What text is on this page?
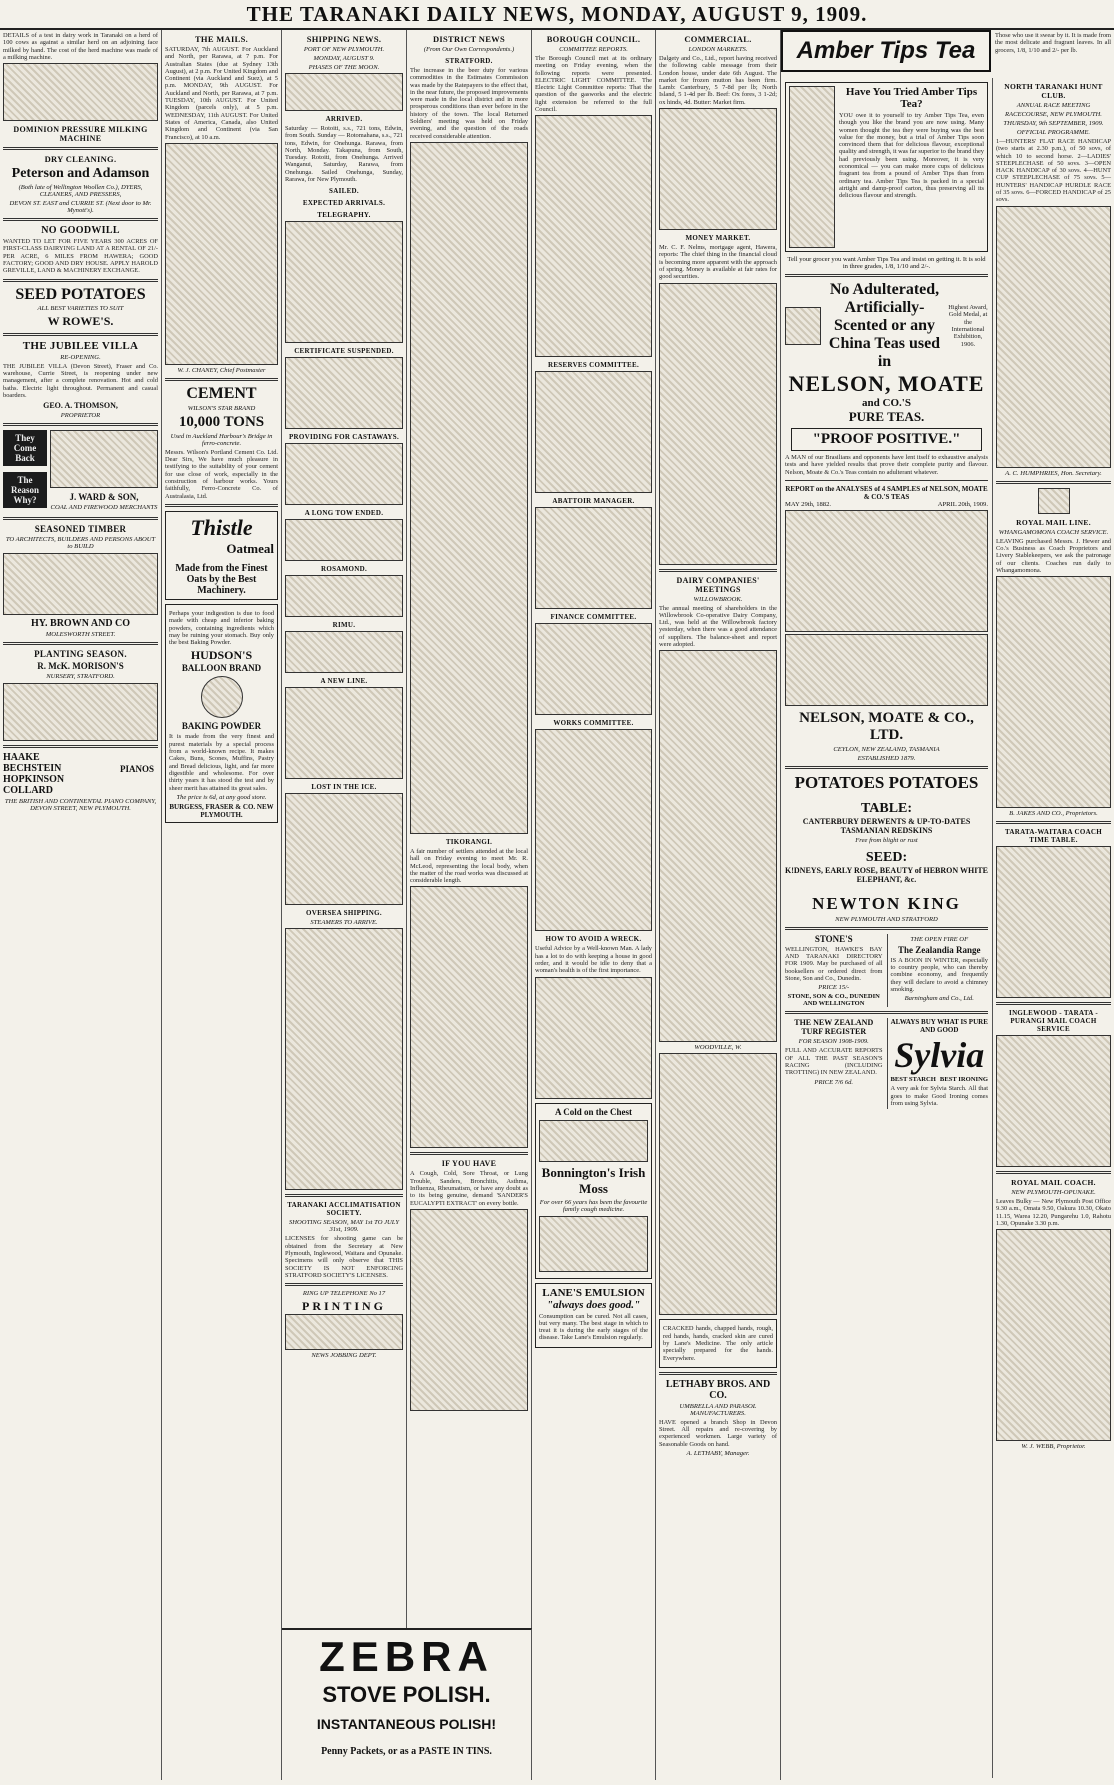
THE TARANAKI DAILY NEWS, MONDAY, AUGUST 9, 1909.
DETAILS of a test in dairy work in Taranaki on a herd of 100 cows as against a similar herd on an adjoining face milked by hand. The cost of the herd machine was made of a milking machine.
DOMINION PRESSURE MILKING MACHINE
DRY CLEANING.
Peterson and Adamson
(Both late of Wellington Woollen Co.), DYERS, CLEANERS, AND PRESSERS,
DEVON ST. EAST and CURRIE ST. (Next door to Mr. Mynott's).
NO GOODWILL
WANTED TO LET FOR FIVE YEARS 300 ACRES OF FIRST-CLASS DAIRYING LAND AT A RENTAL OF 21/- PER ACRE, 6 MILES FROM HAWERA; GOOD FACTORY; GOOD AND DRY HOUSE. APPLY HAROLD GREVILLE, LAND & MACHINERY EXCHANGE.
SEED POTATOES
ALL BEST VARIETIES TO SUIT
W ROWE'S.
THE JUBILEE VILLA
RE-OPENING.
THE JUBILEE VILLA (Devon Street), Fraser and Co. warehouse, Currie Street, is reopening under new management, after a complete renovation. Hot and cold baths. Electric light throughout. Permanent and casual boarders.
GEO. A. THOMSON,
PROPRIETOR
They Come Back
The Reason Why?	J. WARD & SON,
COAL AND FIREWOOD MERCHANTS
SEASONED TIMBER
TO ARCHITECTS, BUILDERS AND PERSONS ABOUT to BUILD
HY. BROWN AND CO
MOLESWORTH STREET.
PLANTING SEASON.
R. McK. MORISON'S
NURSERY, STRATFORD.
HAAKE
BECHSTEIN
HOPKINSON
COLLARD
PIANOS
THE BRITISH AND CONTINENTAL PIANO COMPANY, DEVON STREET, NEW PLYMOUTH.
THE MAILS.
SATURDAY, 7th AUGUST. For Auckland and North, per Rarawa, at 7 p.m. For Australian States (due at Sydney 13th August), at 2 p.m. For United Kingdom and Continent (via Auckland and Suez), at 5 p.m. MONDAY, 9th AUGUST. For Auckland and North, per Rarawa, at 7 p.m. TUESDAY, 10th AUGUST. For United Kingdom (parcels only), at 5 p.m. WEDNESDAY, 11th AUGUST. For United States of America, Canada, also United Kingdom and Continent (via San Francisco), at 10 a.m.
W. J. CHANEY, Chief Postmaster
CEMENT
WILSON'S STAR BRAND
10,000 TONS
Used in Auckland Harbour's Bridge in ferro-concrete.
Messrs. Wilson's Portland Cement Co. Ltd. Dear Sirs, We have much pleasure in testifying to the suitability of your cement for use close of work, especially in the construction of harbour works. Yours faithfully, Ferro-Concrete Co. of Australasia, Ltd.
Thistle
Oatmeal
Made from the Finest Oats by the Best Machinery.
Perhaps your indigestion is due to food made with cheap and inferior baking powders, containing ingredients which may be ruining your stomach. Buy only the best Baking Powder.
HUDSON'S
BALLOON BRAND
BAKING POWDER
It is made from the very finest and purest materials by a special process from a world-known recipe. It makes Cakes, Buns, Scones, Muffins, Pastry and Bread delicious, light, and far more digestible and wholesome. For over thirty years it has stood the test and by sheer merit has attained its great sales.
The price is 6d, at any good store.
BURGESS, FRASER & CO. NEW PLYMOUTH.
SHIPPING NEWS.
PORT OF NEW PLYMOUTH.
MONDAY, AUGUST 9.
PHASES OF THE MOON.
ARRIVED.
Saturday — Rotoiti, s.s., 721 tons, Edwin, from South. Sunday — Rotomahana, s.s., 721 tons, Edwin, for Onehunga. Rarawa, from North, Monday. Takapuna, from South, Tuesday. Rotoiti, from Onehunga. Arrived Wanganui, Saturday, Rarawa, from Onehunga. Sailed Onehunga, Sunday, Rarawa, for New Plymouth.
SAILED.
EXPECTED ARRIVALS.
TELEGRAPHY.
CERTIFICATE SUSPENDED.
PROVIDING FOR CASTAWAYS.
A LONG TOW ENDED.
ROSAMOND.
RIMU.
A NEW LINE.
LOST IN THE ICE.
OVERSEA SHIPPING.
STEAMERS TO ARRIVE.
TARANAKI ACCLIMATISATION SOCIETY.
SHOOTING SEASON, MAY 1st TO JULY 31st, 1909.
LICENSES for shooting game can be obtained from the Secretary at New Plymouth, Inglewood, Waitara and Opunake. Specimens will only observe that THIS SOCIETY IS NOT ENFORCING STRATFORD SOCIETY'S LICENSES.
RING UP TELEPHONE No 17
PRINTING
NEWS JOBBING DEPT.
DISTRICT NEWS
(From Our Own Correspondents.)
STRATFORD.
The increase in the beer duty for various commodities in the Estimates Commission was made by the Ratepayers to the effect that, in the near future, the proposed improvements were made in the local district and in more prosperous conditions than ever before in the history of the town. The local Returned Soldiers' meeting was held on Friday evening, and the question of the roads received considerable attention.
TIKORANGI.
A fair number of settlers attended at the local hall on Friday evening to meet Mr. R. McLeod, representing the local body, when the matter of the road works was discussed at considerable length.
IF YOU HAVE
A Cough, Cold, Sore Throat, or Lung Trouble, Sanders, Bronchitis, Asthma, Influenza, Rheumatism, or have any doubt as to its being genuine, demand 'SANDER'S EUCALYPTI EXTRACT' on every bottle.
BOROUGH COUNCIL.
COMMITTEE REPORTS.
The Borough Council met at its ordinary meeting on Friday evening, when the following reports were presented. ELECTRIC LIGHT COMMITTEE. The Electric Light Committee reports: That the question of the gasworks and the electric light extension be referred to the full Council.
RESERVES COMMITTEE.
ABATTOIR MANAGER.
FINANCE COMMITTEE.
WORKS COMMITTEE.
HOW TO AVOID A WRECK.
Useful Advice by a Well-known Man. A lady has a lot to do with keeping a house in good order, and it would be idle to deny that a woman's health is of the first importance.
A Cold on the Chest
Bonnington's Irish Moss
For over 66 years has been the favourite family cough medicine.
LANE'S EMULSION
"always does good."
Consumption can be cured. Not all cases, but very many. The best stage in which to treat it is during the early stages of the disease. Take Lane's Emulsion regularly.
COMMERCIAL.
LONDON MARKETS.
Dalgety and Co., Ltd., report having received the following cable message from their London house, under date 6th August. The market for frozen mutton has been firm. Lamb: Canterbury, 5 7-8d per lb; North Island, 5 1-4d per lb. Beef: Ox fores, 3 1-2d; ox hinds, 4d. Butter: Market firm.
MONEY MARKET.
Mr. C. F. Nelms, mortgage agent, Hawera, reports: The chief thing in the financial cloud is becoming more apparent with the approach of spring. Money is available at fair rates for good securities.
DAIRY COMPANIES' MEETINGS
WILLOWBROOK.
The annual meeting of shareholders in the Willowbrook Co-operative Dairy Company, Ltd., was held at the Willowbrook factory yesterday, when there was a good attendance of suppliers. The balance-sheet and report were adopted.
WOODVILLE, W.
CRACKED hands, chapped hands, rough, red hands, hands, cracked skin are cured by Lane's Medicine. The only article specially prepared for the hands. Everywhere.
LETHABY BROS. AND CO.
UMBRELLA AND PARASOL MANUFACTURERS.
HAVE opened a branch Shop in Devon Street. All repairs and re-covering by experienced workmen. Large variety of Seasonable Goods on hand.
A. LETHABY, Manager.
Amber Tips Tea
Those who use it swear by it. It is made from the most delicate and fragrant leaves. In all grocers, 1/8, 1/10 and 2/- per lb.
Have You Tried Amber Tips Tea?
YOU owe it to yourself to try Amber Tips Tea, even though you like the brand you are now using. Many women thought the tea they were buying was the best value for the money, but a trial of Amber Tips soon convinced them that for delicious flavour, exceptional quality and strength, it was far superior to the brand they had previously been using. Moreover, it is very economical — you can make more cups of delicious fragrant tea from a pound of Amber Tips than from ordinary tea. Amber Tips Tea is packed in a special airtight and damp-proof carton, thus preserving all its delicious flavour and strength.
Tell your grocer you want Amber Tips Tea and insist on getting it. It is sold in three grades, 1/8, 1/10 and 2/-.
No Adulterated, Artificially-Scented or any China Teas used in
Highest Award, Gold Medal, at the International Exhibition, 1906.
NELSON, MOATE
and CO.'S
PURE TEAS.
"PROOF POSITIVE."
A MAN of our Brasilians and opponents have lent itself to exhaustive analysis tests and have yielded results that prove their complete purity and flavour. Nelson, Moate & Co.'s Teas contain no adulterant whatever.
REPORT on the ANALYSES of 4 SAMPLES of NELSON, MOATE & CO.'S TEAS
MAY 29th, 1882.	APRIL 20th, 1909.
NELSON, MOATE & CO., LTD.
CEYLON, NEW ZEALAND, TASMANIA
ESTABLISHED 1879.
POTATOES POTATOES
TABLE:
CANTERBURY DERWENTS & UP-TO-DATES TASMANIAN REDSKINS
Free from blight or rust
SEED:
K!DNEYS, EARLY ROSE, BEAUTY of HEBRON WHITE ELEPHANT, &c.
NEWTON KING
NEW PLYMOUTH AND STRATFORD
STONE'S
WELLINGTON, HAWKE'S BAY AND TARANAKI DIRECTORY FOR 1909. May be purchased of all booksellers or ordered direct from Stone, Son and Co., Dunedin.
PRICE 15/-
STONE, SON & CO., DUNEDIN AND WELLINGTON
THE OPEN FIRE OF
The Zealandia Range
IS A BOON IN WINTER, especially to country people, who can thereby combine economy, and frequently they will declare to avoid a chimney smoking.
Barningham and Co., Ltd.
THE NEW ZEALAND TURF REGISTER
FOR SEASON 1908-1909.
FULL AND ACCURATE REPORTS OF ALL THE PAST SEASON'S RACING (INCLUDING TROTTING) IN NEW ZEALAND.
PRICE 7/6 6d.
ALWAYS BUY WHAT IS PURE AND GOOD
Sylvia
BEST STARCH BEST IRONING
A very ask for Sylvia Starch. All that goes to make Good Ironing comes from using Sylvia.
NORTH TARANAKI HUNT CLUB.
ANNUAL RACE MEETING
RACECOURSE, NEW PLYMOUTH.
THURSDAY, 9th SEPTEMBER, 1909.
OFFICIAL PROGRAMME.
1—HUNTERS' FLAT RACE HANDICAP (two starts at 2.30 p.m.), of 50 sovs, of which 10 to second horse. 2—LADIES' STEEPLECHASE of 50 sovs. 3—OPEN HACK HANDICAP of 30 sovs. 4—HUNT CUP STEEPLECHASE of 75 sovs. 5—HUNTERS' HANDICAP HURDLE RACE of 35 sovs. 6—FORCED HANDICAP of 25 sovs.
A. C. HUMPHRIES, Hon. Secretary.
ROYAL MAIL LINE.
WHANGAMOMONA COACH SERVICE.
LEAVING purchased Messrs. J. Hewer and Co.'s Business as Coach Proprietors and Livery Stablekeepers, we ask the patronage of our clients. Coaches run daily to Whangamomona.
B. JAKES AND CO., Proprietors.
TARATA-WAITARA COACH TIME TABLE.
INGLEWOOD - TARATA - PURANGI MAIL COACH SERVICE
ROYAL MAIL COACH.
NEW PLYMOUTH-OPUNAKE.
Leaves Bulky — New Plymouth Post Office 9.30 a.m., Omata 9.50, Oakura 10.30, Okato 11.15, Warea 12.20, Pungarehu 1.0, Rahotu 1.30, Opunake 3.30 p.m.
W. J. WEBB, Proprietor.
ZEBRA
STOVE POLISH.
INSTANTANEOUS POLISH!
Penny Packets, or as a PASTE IN TINS.
